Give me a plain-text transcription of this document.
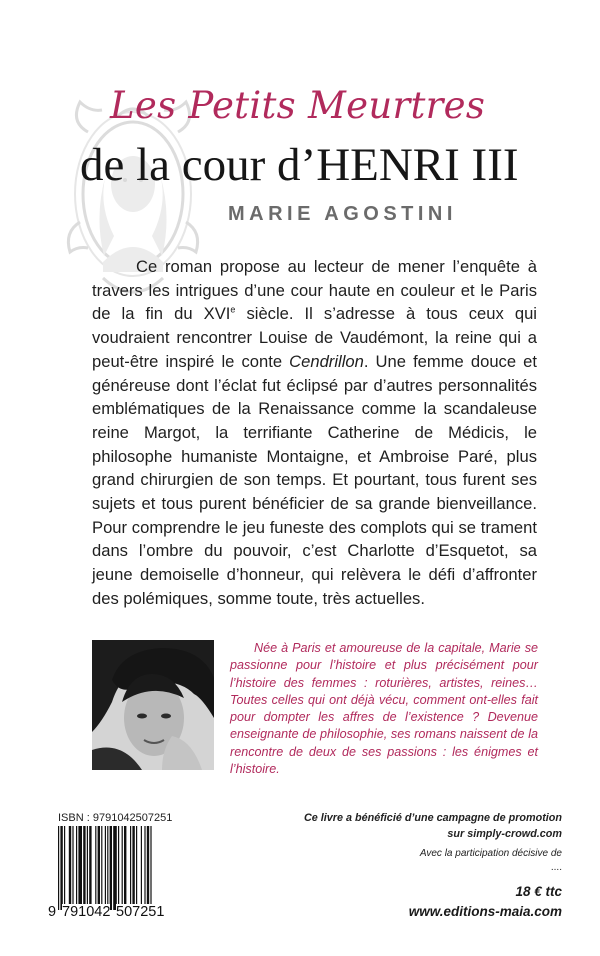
Les Petits Meurtres
de la cour d’HENRI III
MARIE AGOSTINI

Ce roman propose au lecteur de mener l’enquête à travers les intrigues d’une cour haute en couleur et le Paris de la fin du XVIe siècle. Il s’adresse à tous ceux qui voudraient rencontrer Louise de Vaudémont, la reine qui a peut-être inspiré le conte Cendrillon. Une femme douce et généreuse dont l’éclat fut éclipsé par d’autres personnalités emblématiques de la Renaissance comme la scandaleuse reine Margot, la terrifiante Catherine de Médicis, le philosophe humaniste Montaigne, et Ambroise Paré, plus grand chirurgien de son temps. Et pourtant, tous furent ses sujets et tous purent bénéficier de sa grande bienveillance. Pour comprendre le jeu funeste des complots qui se trament dans l’ombre du pouvoir, c’est Charlotte d’Esquetot, sa jeune demoiselle d’honneur, qui relèvera le défi d’affronter des polémiques, somme toute, très actuelles.

Née à Paris et amoureuse de la capitale, Marie se passionne pour l’histoire et plus précisément pour l’histoire des femmes : roturières, artistes, reines… Toutes celles qui ont déjà vécu, comment ont-elles fait pour dompter les affres de l’existence ? Devenue enseignante de philosophie, ses romans naissent de la rencontre de deux de ses passions : les énigmes et l’histoire.

ISBN : 9791042507251
9 791042 507251
Ce livre a bénéficié d’une campagne de promotion
sur simply-crowd.com
Avec la participation décisive de
....
18 € ttc
www.editions-maia.com
